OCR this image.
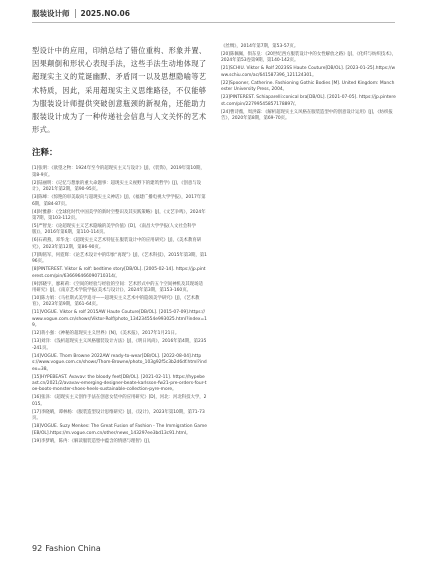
服装设计师 2025.NO.06

型设计中的应用，印纳总结了错位重构、形象并置、因果颠倒和形状心表现手法，这些手法生动地体现了超现实主义的荒诞幽默、矛盾同一以及思想隐喻等艺术特质，因此，采用超现实主义思维路径，不仅能够为服装设计师提供突破创意瓶颈的新视角，还能助力服装设计成为了一种传递社会信息与人文关怀的艺术形式。

注释：
[1]张明：《欲望之物：1924年至今的超现实主义与设计》[J]，《装饰》，2019年第10期，第8-9页。
[2]陆丽明：《记忆与想象的重大命题事：超现实主义视野下的建筑哲学》[J]，《创意与设计》，2021年第2期，第90-95页。
[3]陈峰：《惊艳的审美取向与超现实主义神话》[J]，《福建广播电视大学学报》，2017年第6期，第84-87页。
[4]时雅静：《全球化时代中国美学的新时空整识及其实践策略》[J]，《文艺争鸣》，2024年第7期，第103-112页。
[5]严智龙：《论超现实主义艺术隐喻的美学价值》[D]，《南昌大学学报(人文社会科学版)》，2016年第6期，第110-114页。
[6]石莉燕，邓华龙：《超现实主义艺术特征在服装设计中的应用研究》[J]，《美术教育研究》，2023年第12期，第86-90页。
[7]陶铭军，何霓辉：《论艺术设计中的印象“再现”》[J]，《艺术科技》，2015年第3期，第196页。
[8]PINTEREST. Viktor & rolf: bedtime story[DB/OL]. [2005-02-14]. https://jp.pinterest.com/pin/636696466090710314/。
[9]郭晓宇，廖莉莉：《空间的经验与经验的空间：艺术形式中的五个空间神机及其现场适用研究》[J]，《南京艺术学院学报(美术与设计)》，2024年第3期，第153-160页。
[10]陈力娟：《马杜斯式美学追寻——超现实主义艺术中的隐领美学研究》[J]，《艺术教育》，2023年第9期，第61-64页。
[11]VOGUE. Viktor & rolf 2015AW Haute Couture[DB/OL]. [2015-07-09].https://www.vogue.com.cn/shows/Viktor-Rolf/photo_134234554e993025.html?index=19。
[12]蒋小强：《神秘的超现实主义世界》[N]，《美术报》，2017年1月21日。
[13]刘洋：《浅析超现实主义风格服装设计方法》[J]，《明日风尚》，2016年第4期，第235-241页。
[14]VOGUE. Thom Browne 2022AW ready-to-wear[DB/OL]. [2022-08-04].https://www.vogue.com.cn/shows/Thom-Browne/photo_103g92f5c3b2d6df.html?index=38。
[15]HYPEBEAST. Avavav: the bloody feet[DB/OL]. [2021-02-11]. https://hypebeast.cn/2021/2/avavav-emerging-designer-beate-karlsson-fw21-pre-orders-four-toe-boots-monster-shoes-heels-sustainable-collection-pyre-more。
[16]张泽：《超现实主义创作手法在创意女装中的应用研究》[D]，河北：河北科技大学，2015。
[17]李晓晴，谭林杨：《服装造型设计思维研究》[J]，《设计》，2023年第10期，第71-73页。
[18]VOGUE. Suzy Menkes: The Great Fusion of Fashion - The Immigration Game[EB/OL].https://m.vogue.com.cn/other/news_143297ee3bd13c91.html。
[19]李梦晴，陈冉：《解读服装造型中蕴含的情感与理智》[J]，
《丝绸》，2014年第7期，第53-57页。
[20]陈佩佩，俱东皇：《20世纪西方服装设计中的女性解放之路》[J]，《化纤与纺织技术》，2024年第53卷第9期，第140-142页。
[21]SCHIU. Viktor & Rolf 2023SS Haute Couture[DB/OL]. [2023-01-25].https://www.schiu.com/ac/641587396_121124301。
[22]Spooner, Catherine. Fashioning Gothic Bodies [M]. United Kingdom: Manchester University Press, 2004。
[23]PINTEREST. Schiaparelli:conical bra[DB/OL]. [2021-07-05]. https://jp.pinterest.com/pin/22799545857178897/。
[24]曹诗薇，周洪霖：《解析超现实主义风格在服装造型中的创意设计运用》[J]，《纺织报告》，2020年第8期，第69-70页。
92 Fashion China
